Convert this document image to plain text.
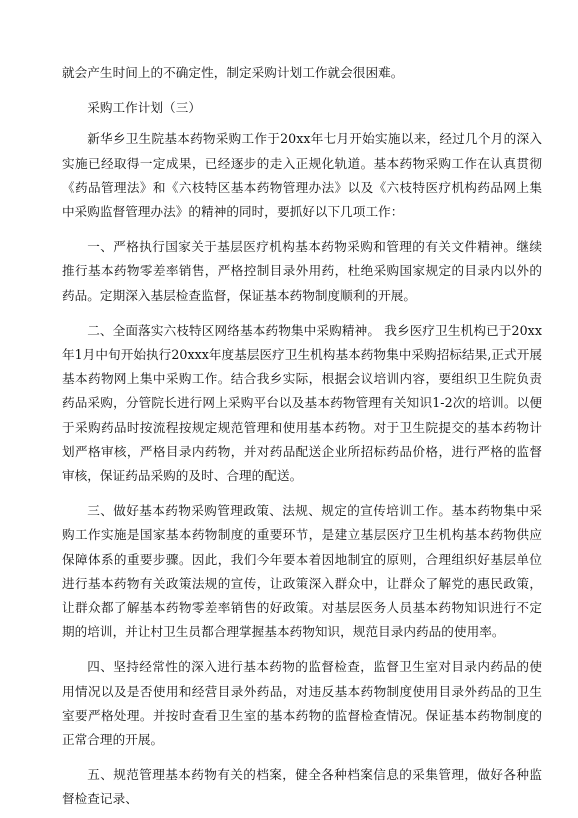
就会产生时间上的不确定性，制定采购计划工作就会很困难。

采购工作计划（三）

新华乡卫生院基本药物采购工作于20xx年七月开始实施以来，经过几个月的深入实施已经取得一定成果，已经逐步的走入正规化轨道。基本药物采购工作在认真贯彻《药品管理法》和《六枝特区基本药物管理办法》以及《六枝特医疗机构药品网上集中采购监督管理办法》的精神的同时，要抓好以下几项工作：

一、严格执行国家关于基层医疗机构基本药物采购和管理的有关文件精神。继续推行基本药物零差率销售，严格控制目录外用药，杜绝采购国家规定的目录内以外的药品。定期深入基层检查监督，保证基本药物制度顺利的开展。

二、全面落实六枝特区网络基本药物集中采购精神。 我乡医疗卫生机构已于20xx年1月中旬开始执行20xxx年度基层医疗卫生机构基本药物集中采购招标结果,正式开展基本药物网上集中采购工作。结合我乡实际，根据会议培训内容，要组织卫生院负责药品采购，分管院长进行网上采购平台以及基本药物管理有关知识1-2次的培训。以便于采购药品时按流程按规定规范管理和使用基本药物。对于卫生院提交的基本药物计划严格审核，严格目录内药物，并对药品配送企业所招标药品价格，进行严格的监督审核，保证药品采购的及时、合理的配送。

三、做好基本药物采购管理政策、法规、规定的宣传培训工作。基本药物集中采购工作实施是国家基本药物制度的重要环节，是建立基层医疗卫生机构基本药物供应保障体系的重要步骤。因此，我们今年要本着因地制宜的原则，合理组织好基层单位进行基本药物有关政策法规的宣传，让政策深入群众中，让群众了解党的惠民政策，让群众都了解基本药物零差率销售的好政策。对基层医务人员基本药物知识进行不定期的培训，并让村卫生员都合理掌握基本药物知识，规范目录内药品的使用率。

四、坚持经常性的深入进行基本药物的监督检查，监督卫生室对目录内药品的使用情况以及是否使用和经营目录外药品，对违反基本药物制度使用目录外药品的卫生室要严格处理。并按时查看卫生室的基本药物的监督检查情况。保证基本药物制度的正常合理的开展。

五、规范管理基本药物有关的档案，健全各种档案信息的采集管理，做好各种监督检查记录、
